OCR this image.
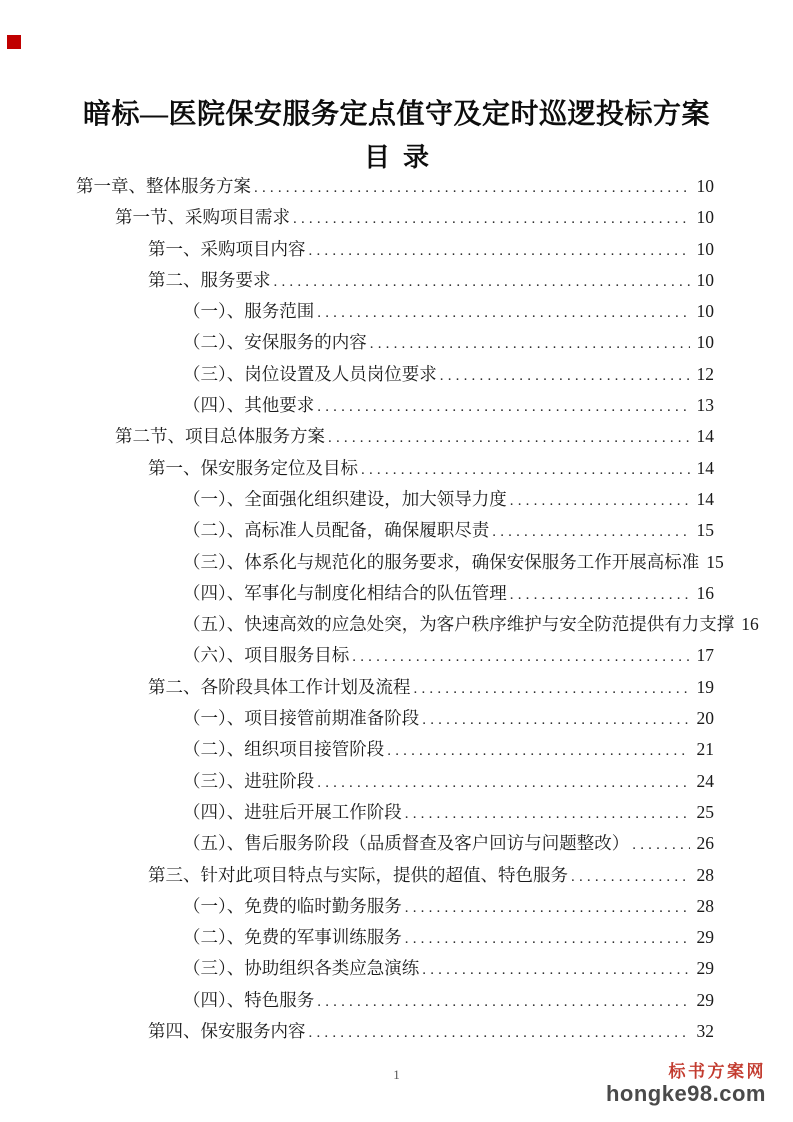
暗标—医院保安服务定点值守及定时巡逻投标方案
目  录
第一章、整体服务方案 .....	10
第一节、采购项目需求 .....	10
第一、采购项目内容 .....	10
第二、服务要求 .....	10
（一）、服务范围 .....	10
（二）、安保服务的内容 .....	10
（三）、岗位设置及人员岗位要求 .....	12
（四）、其他要求 .....	13
第二节、项目总体服务方案 .....	14
第一、保安服务定位及目标 .....	14
（一）、全面强化组织建设，加大领导力度 .....	14
（二）、高标准人员配备，确保履职尽责 .....	15
（三）、体系化与规范化的服务要求，确保安保服务工作开展高标准 15
（四）、军事化与制度化相结合的队伍管理 .....	16
（五）、快速高效的应急处突，为客户秩序维护与安全防范提供有力支撑 16
（六）、项目服务目标 .....	17
第二、各阶段具体工作计划及流程 .....	19
（一）、项目接管前期准备阶段 .....	20
（二）、组织项目接管阶段 .....	21
（三）、进驻阶段 .....	24
（四）、进驻后开展工作阶段 .....	25
（五）、售后服务阶段（品质督查及客户回访与问题整改） .....	26
第三、针对此项目特点与实际，提供的超值、特色服务 .....	28
（一）、免费的临时勤务服务 .....	28
（二）、免费的军事训练服务 .....	29
（三）、协助组织各类应急演练 .....	29
（四）、特色服务 .....	29
第四、保安服务内容 .....	32
1	标书方案网
hongke98.com
